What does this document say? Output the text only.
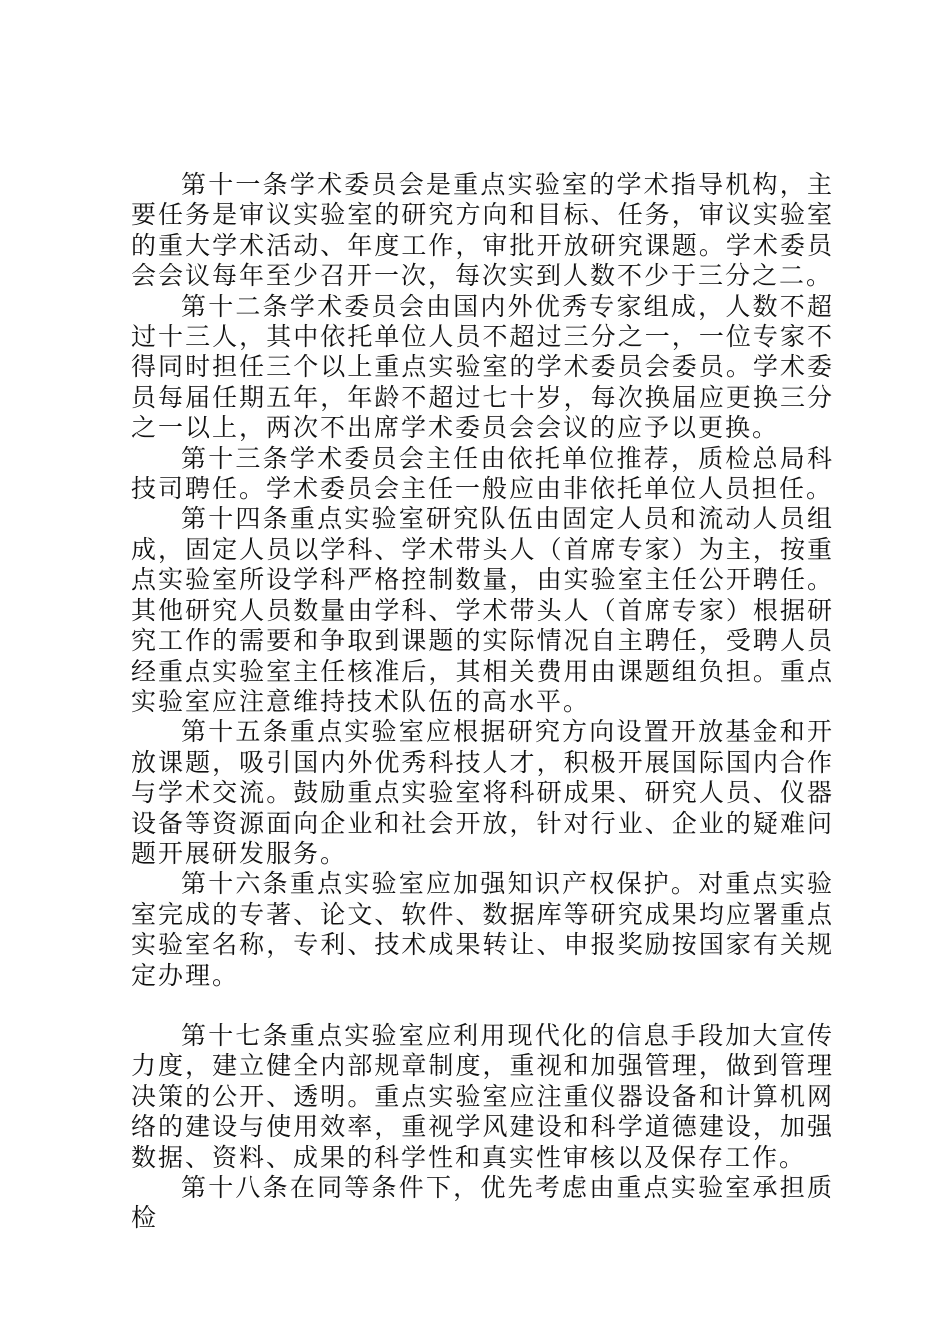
第十一条学术委员会是重点实验室的学术指导机构，主要任务是审议实验室的研究方向和目标、任务，审议实验室的重大学术活动、年度工作，审批开放研究课题。学术委员会会议每年至少召开一次，每次实到人数不少于三分之二。

第十二条学术委员会由国内外优秀专家组成，人数不超过十三人，其中依托单位人员不超过三分之一，一位专家不得同时担任三个以上重点实验室的学术委员会委员。学术委员每届任期五年，年龄不超过七十岁，每次换届应更换三分之一以上，两次不出席学术委员会会议的应予以更换。

第十三条学术委员会主任由依托单位推荐，质检总局科技司聘任。学术委员会主任一般应由非依托单位人员担任。

第十四条重点实验室研究队伍由固定人员和流动人员组成，固定人员以学科、学术带头人（首席专家）为主，按重点实验室所设学科严格控制数量，由实验室主任公开聘任。其他研究人员数量由学科、学术带头人（首席专家）根据研究工作的需要和争取到课题的实际情况自主聘任，受聘人员经重点实验室主任核准后，其相关费用由课题组负担。重点实验室应注意维持技术队伍的高水平。

第十五条重点实验室应根据研究方向设置开放基金和开放课题，吸引国内外优秀科技人才，积极开展国际国内合作与学术交流。鼓励重点实验室将科研成果、研究人员、仪器设备等资源面向企业和社会开放，针对行业、企业的疑难问题开展研发服务。

第十六条重点实验室应加强知识产权保护。对重点实验室完成的专著、论文、软件、数据库等研究成果均应署重点实验室名称，专利、技术成果转让、申报奖励按国家有关规定办理。

第十七条重点实验室应利用现代化的信息手段加大宣传力度，建立健全内部规章制度，重视和加强管理，做到管理决策的公开、透明。重点实验室应注重仪器设备和计算机网络的建设与使用效率，重视学风建设和科学道德建设，加强数据、资料、成果的科学性和真实性审核以及保存工作。

第十八条在同等条件下，优先考虑由重点实验室承担质检
